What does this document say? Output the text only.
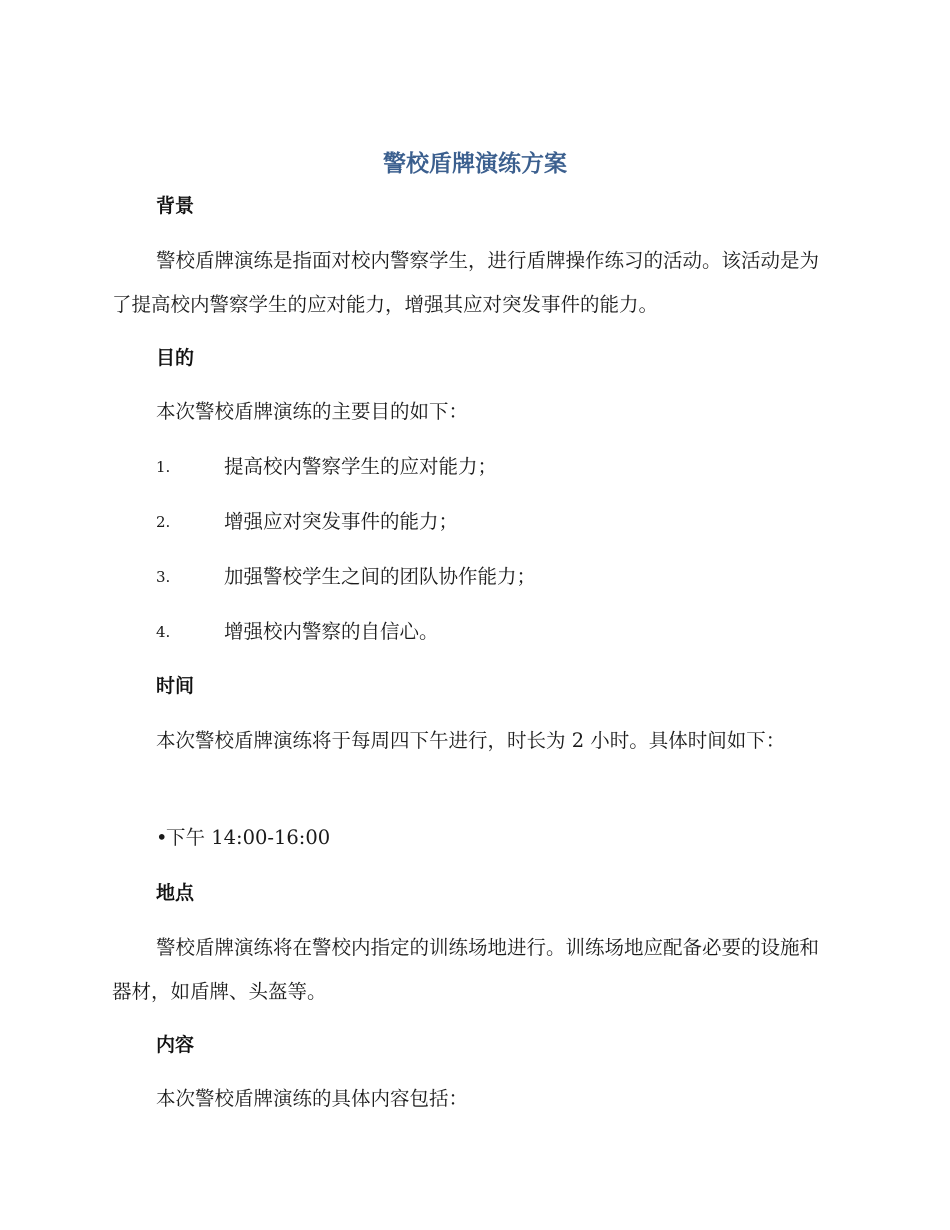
警校盾牌演练方案
背景
警校盾牌演练是指面对校内警察学生，进行盾牌操作练习的活动。该活动是为了提高校内警察学生的应对能力，增强其应对突发事件的能力。
目的
本次警校盾牌演练的主要目的如下：
1.	提高校内警察学生的应对能力；
2.	增强应对突发事件的能力；
3.	加强警校学生之间的团队协作能力；
4.	增强校内警察的自信心。
时间
本次警校盾牌演练将于每周四下午进行，时长为 2 小时。具体时间如下：
•下午 14:00-16:00
地点
警校盾牌演练将在警校内指定的训练场地进行。训练场地应配备必要的设施和器材，如盾牌、头盔等。
内容
本次警校盾牌演练的具体内容包括：
